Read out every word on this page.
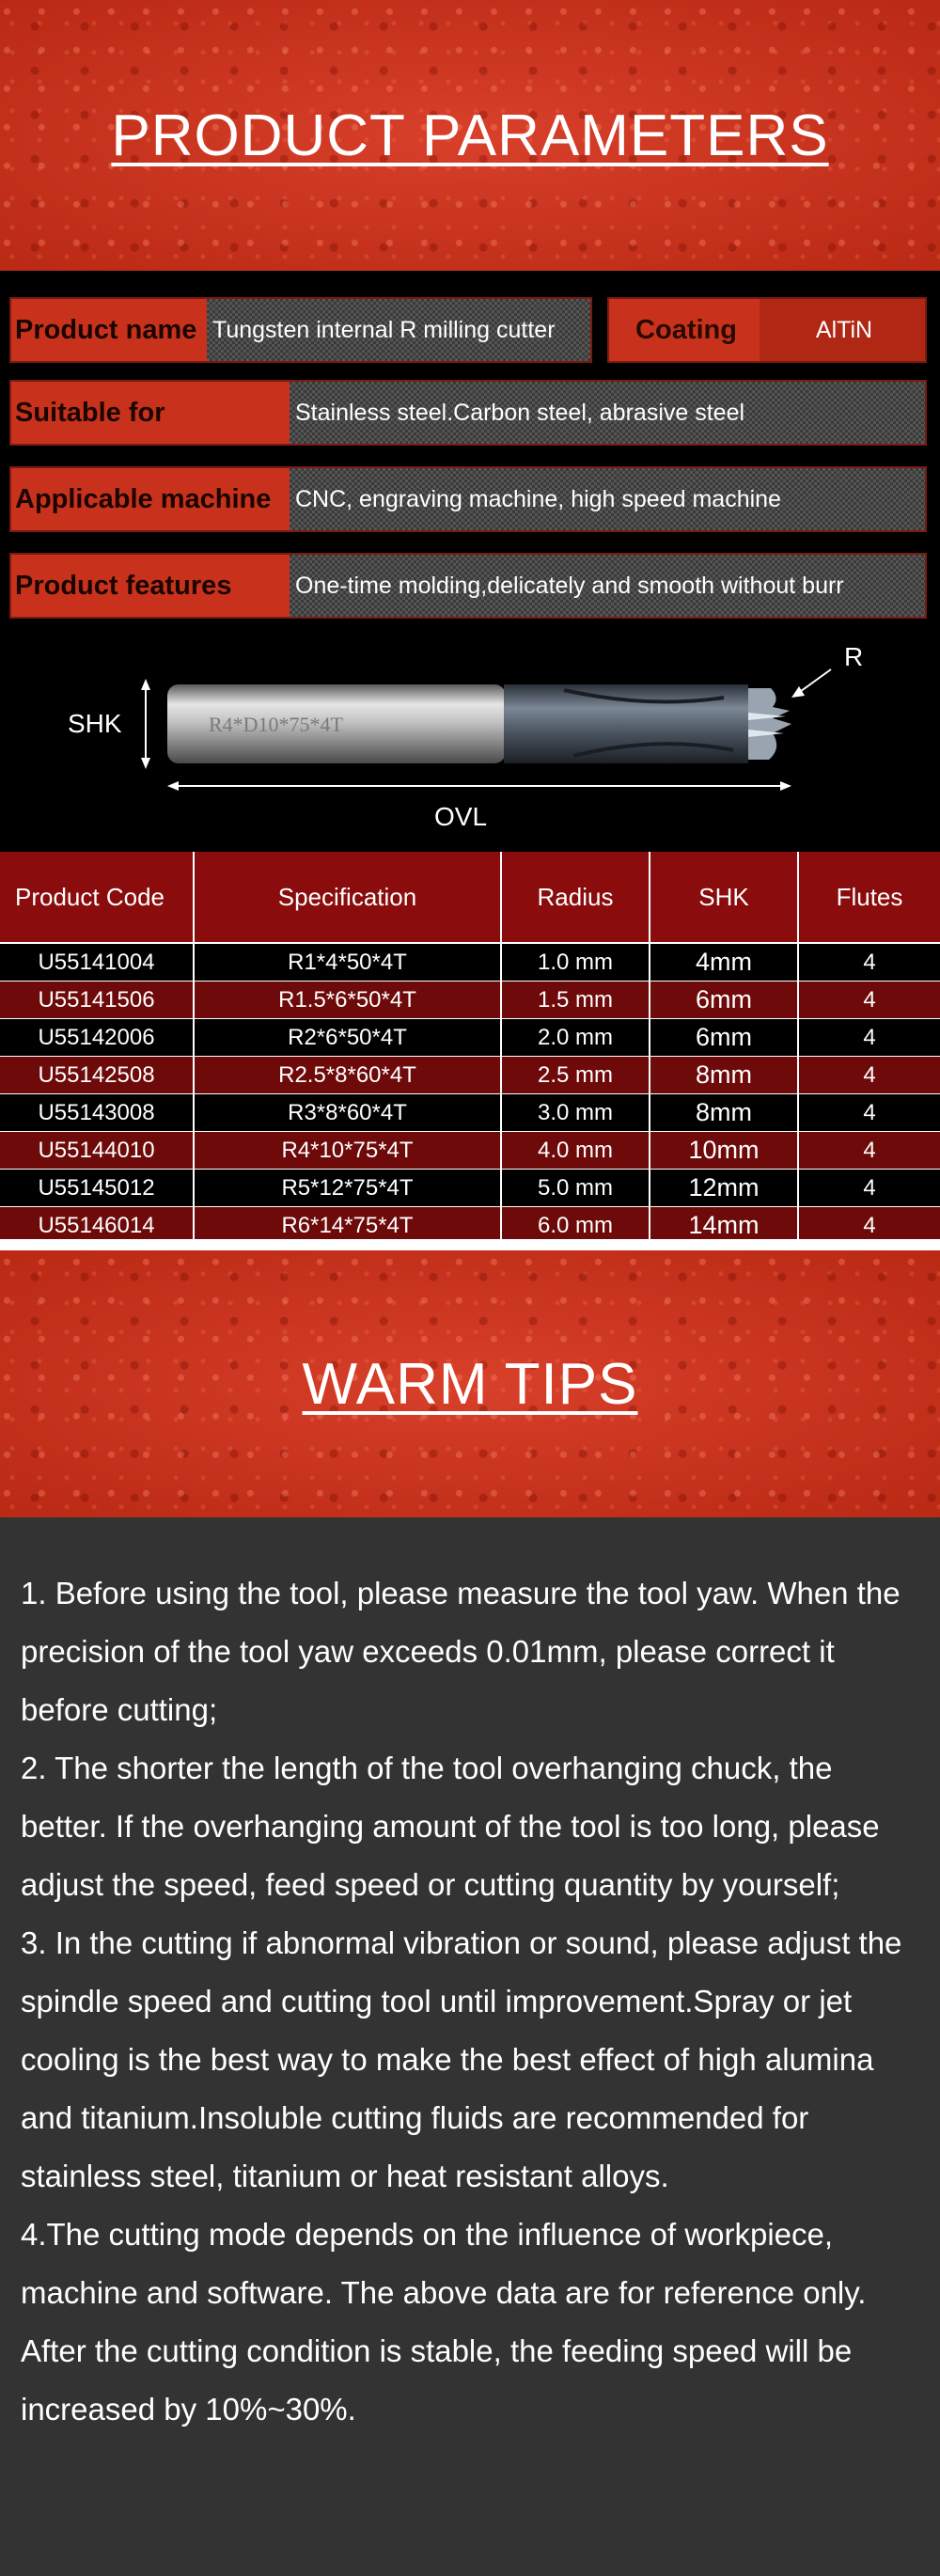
PRODUCT PARAMETERS
Product name Tungsten internal R milling cutter	Coating	AlTiN
Suitable for	Stainless steel.Carbon steel, abrasive steel
Applicable machine	CNC, engraving machine, high speed machine
Product features	One-time molding,delicately and smooth without burr
SHK	R4*D10*75*4T
R
OVL
Product Code	Specification	Radius	SHK	Flutes
U55141004	R1*4*50*4T	1.0 mm	4mm	4
U55141506	R1.5*6*50*4T	1.5 mm	6mm	4
U55142006	R2*6*50*4T	2.0 mm	6mm	4
U55142508	R2.5*8*60*4T	2.5 mm	8mm	4
U55143008	R3*8*60*4T	3.0 mm	8mm	4
U55144010	R4*10*75*4T	4.0 mm	10mm	4
U55145012	R5*12*75*4T	5.0 mm	12mm	4
U55146014	R6*14*75*4T	6.0 mm	14mm	4
WARM TIPS

1. Before using the tool, please measure the tool yaw. When the precision of the tool yaw exceeds 0.01mm, please correct it before cutting;

2. The shorter the length of the tool overhanging chuck, the better. If the overhanging amount of the tool is too long, please adjust the speed, feed speed or cutting quantity by yourself;

3. In the cutting if abnormal vibration or sound, please adjust the spindle speed and cutting tool until improvement.Spray or jet cooling is the best way to make the best effect of high alumina and titanium.Insoluble cutting fluids are recommended for stainless steel, titanium or heat resistant alloys.

4.The cutting mode depends on the influence of workpiece, machine and software. The above data are for reference only. After the cutting condition is stable, the feeding speed will be increased by 10%~30%.
